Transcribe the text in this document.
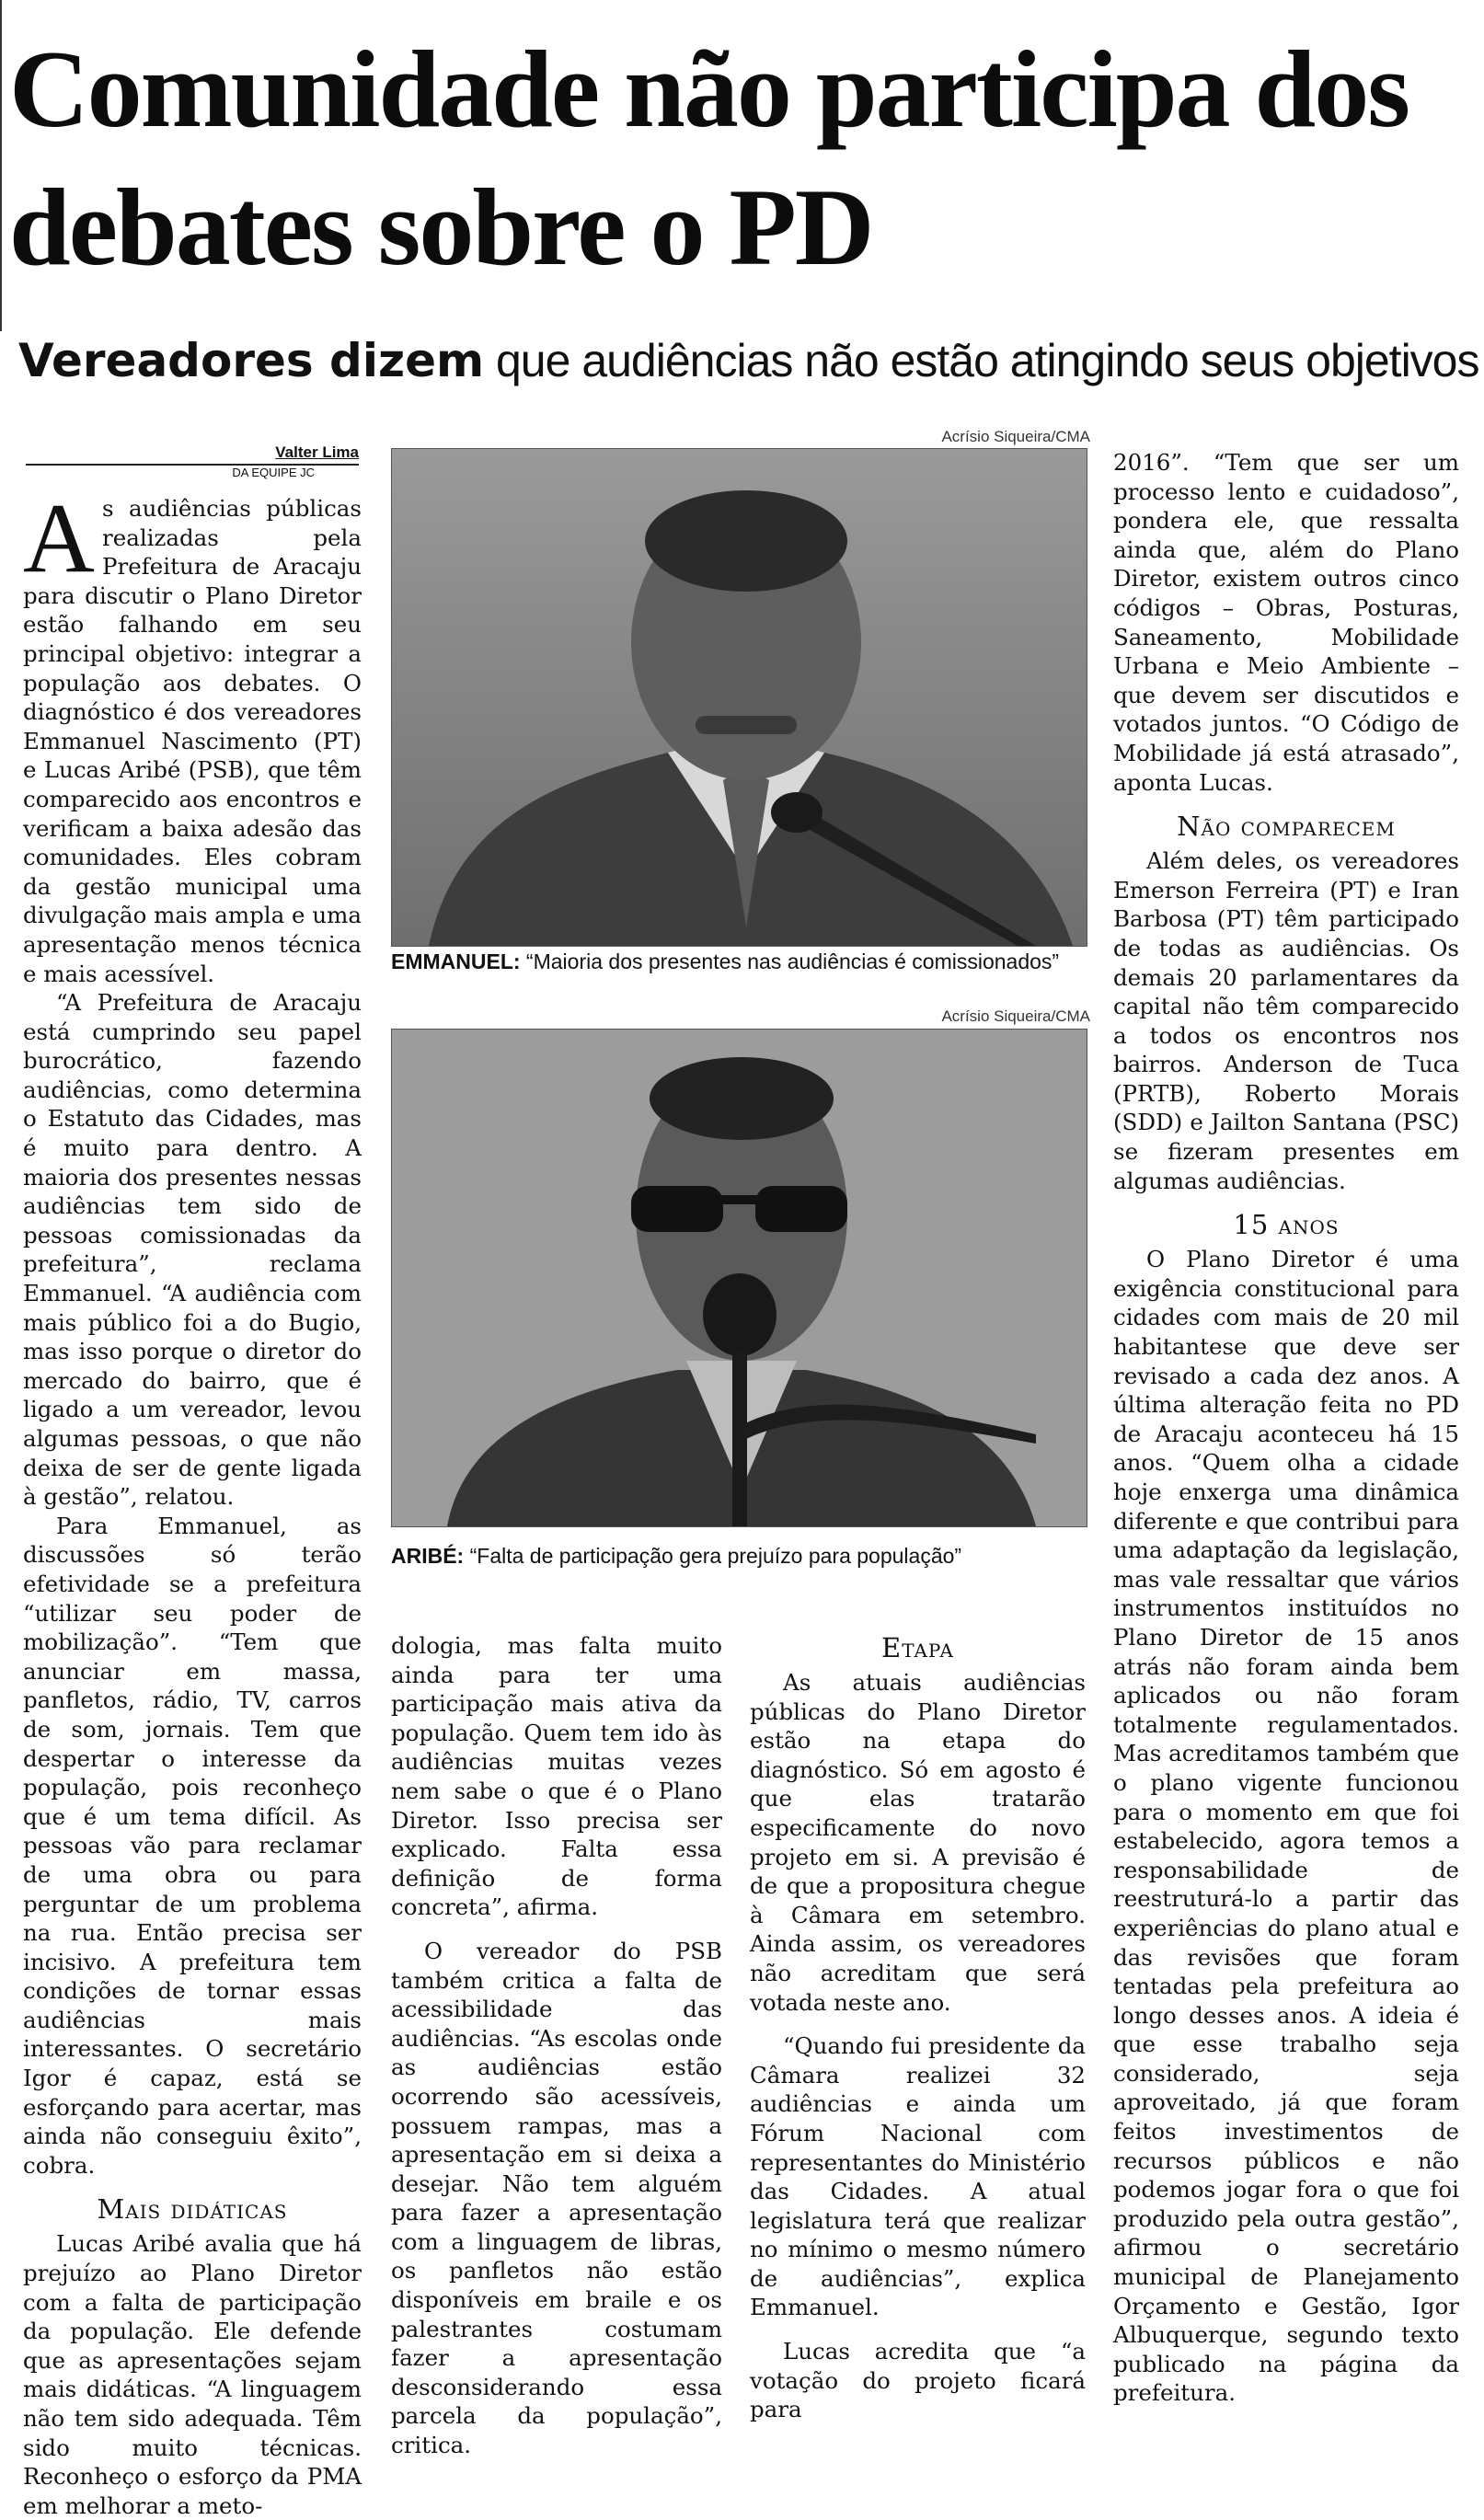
Comunidade não participa dos debates sobre o PD
Vereadores dizem que audiências não estão atingindo seus objetivos
Valter Lima
DA EQUIPE JC
Acrísio Siqueira/CMA
EMMANUEL: “Maioria dos presentes nas audiências é comissionados”
Acrísio Siqueira/CMA
ARIBÉ: “Falta de participação gera prejuízo para população”

As audiências públicas realizadas pela Prefeitura de Aracaju para discutir o Plano Diretor estão falhando em seu principal objetivo: integrar a população aos debates. O diagnóstico é dos vereadores Emmanuel Nascimento (PT) e Lucas Aribé (PSB), que têm comparecido aos encontros e verificam a baixa adesão das comunidades. Eles cobram da gestão municipal uma divulgação mais ampla e uma apresentação menos técnica e mais acessível.

“A Prefeitura de Aracaju está cumprindo seu papel burocrático, fazendo audiências, como determina o Estatuto das Cidades, mas é muito para dentro. A maioria dos presentes nessas audiências tem sido de pessoas comissionadas da prefeitura”, reclama Emmanuel. “A audiência com mais público foi a do Bugio, mas isso porque o diretor do mercado do bairro, que é ligado a um vereador, levou algumas pessoas, o que não deixa de ser de gente ligada à gestão”, relatou.

Para Emmanuel, as discussões só terão efetividade se a prefeitura “utilizar seu poder de mobilização”. “Tem que anunciar em massa, panfletos, rádio, TV, carros de som, jornais. Tem que despertar o interesse da população, pois reconheço que é um tema difícil. As pessoas vão para reclamar de uma obra ou para perguntar de um problema na rua. Então precisa ser incisivo. A prefeitura tem condições de tornar essas audiências mais interessantes. O secretário Igor é capaz, está se esforçando para acertar, mas ainda não conseguiu êxito”, cobra.

Mais didáticas

Lucas Aribé avalia que há prejuízo ao Plano Diretor com a falta de participação da população. Ele defende que as apresentações sejam mais didáticas. “A linguagem não tem sido adequada. Têm sido muito técnicas. Reconheço o esforço da PMA em melhorar a meto-

dologia, mas falta muito ainda para ter uma participação mais ativa da população. Quem tem ido às audiências muitas vezes nem sabe o que é o Plano Diretor. Isso precisa ser explicado. Falta essa definição de forma concreta”, afirma.

O vereador do PSB também critica a falta de acessibilidade das audiências. “As escolas onde as audiências estão ocorrendo são acessíveis, possuem rampas, mas a apresentação em si deixa a desejar. Não tem alguém para fazer a apresentação com a linguagem de libras, os panfletos não estão disponíveis em braile e os palestrantes costumam fazer a apresentação desconsiderando essa parcela da população”, critica.

Etapa

As atuais audiências públicas do Plano Diretor estão na etapa do diagnóstico. Só em agosto é que elas tratarão especificamente do novo projeto em si. A previsão é de que a propositura chegue à Câmara em setembro. Ainda assim, os vereadores não acreditam que será votada neste ano.

“Quando fui presidente da Câmara realizei 32 audiências e ainda um Fórum Nacional com representantes do Ministério das Cidades. A atual legislatura terá que realizar no mínimo o mesmo número de audiências”, explica Emmanuel.

Lucas acredita que “a votação do projeto ficará para

2016”. “Tem que ser um processo lento e cuidadoso”, pondera ele, que ressalta ainda que, além do Plano Diretor, existem outros cinco códigos – Obras, Posturas, Saneamento, Mobilidade Urbana e Meio Ambiente – que devem ser discutidos e votados juntos. “O Código de Mobilidade já está atrasado”, aponta Lucas.

Não comparecem

Além deles, os vereadores Emerson Ferreira (PT) e Iran Barbosa (PT) têm participado de todas as audiências. Os demais 20 parlamentares da capital não têm comparecido a todos os encontros nos bairros. Anderson de Tuca (PRTB), Roberto Morais (SDD) e Jailton Santana (PSC) se fizeram presentes em algumas audiências.

15 anos

O Plano Diretor é uma exigência constitucional para cidades com mais de 20 mil habitantese que deve ser revisado a cada dez anos. A última alteração feita no PD de Aracaju aconteceu há 15 anos. “Quem olha a cidade hoje enxerga uma dinâmica diferente e que contribui para uma adaptação da legislação, mas vale ressaltar que vários instrumentos instituídos no Plano Diretor de 15 anos atrás não foram ainda bem aplicados ou não foram totalmente regulamentados. Mas acreditamos também que o plano vigente funcionou para o momento em que foi estabelecido, agora temos a responsabilidade de reestruturá-lo a partir das experiências do plano atual e das revisões que foram tentadas pela prefeitura ao longo desses anos. A ideia é que esse trabalho seja considerado, seja aproveitado, já que foram feitos investimentos de recursos públicos e não podemos jogar fora o que foi produzido pela outra gestão”, afirmou o secretário municipal de Planejamento Orçamento e Gestão, Igor Albuquerque, segundo texto publicado na página da prefeitura.
